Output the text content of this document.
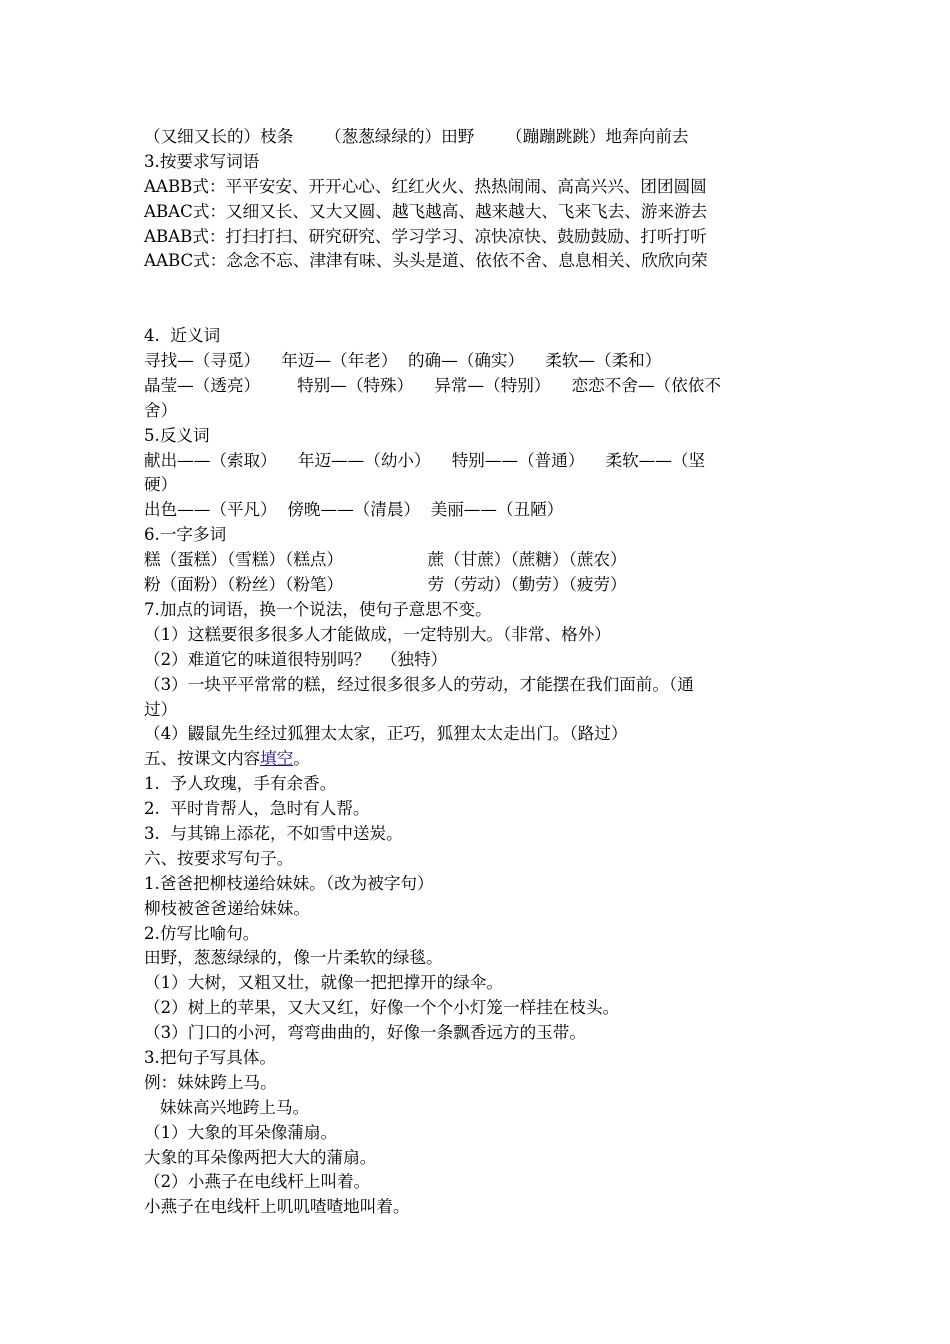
（又细又长的）枝条      （葱葱绿绿的）田野      （蹦蹦跳跳）地奔向前去
3.按要求写词语
AABB式：平平安安、开开心心、红红火火、热热闹闹、高高兴兴、团团圆圆
ABAC式：又细又长、又大又圆、越飞越高、越来越大、飞来飞去、游来游去
ABAB式：打扫打扫、研究研究、学习学习、凉快凉快、鼓励鼓励、打听打听
AABC式：念念不忘、津津有味、头头是道、依依不舍、息息相关、欣欣向荣
4.  近义词
寻找—（寻觅）    年迈—（年老）  的确—（确实）    柔软—（柔和）
晶莹—（透亮）       特别—（特殊）    异常—（特别）    恋恋不舍—（依依不
舍）
5.反义词
献出——（索取）    年迈——（幼小）    特别——（普通）    柔软——（坚
硬）
出色——（平凡）  傍晚——（清晨）  美丽——（丑陋）
6.一字多词
糕（蛋糕）（雪糕）（糕点）                蔗（甘蔗）（蔗糖）（蔗农）
粉（面粉）（粉丝）（粉笔）                劳（劳动）（勤劳）（疲劳）
7.加点的词语，换一个说法，使句子意思不变。
（1）这糕要很多很多人才能做成，一定特别大。（非常、格外）
（2）难道它的味道很特别吗？  （独特）
（3）一块平平常常的糕，经过很多很多人的劳动，才能摆在我们面前。（通
过）
（4）鼹鼠先生经过狐狸太太家，正巧，狐狸太太走出门。（路过）
五、按课文内容填空。
1.  予人玫瑰，手有余香。
2.  平时肯帮人，急时有人帮。
3.  与其锦上添花，不如雪中送炭。
六、按要求写句子。
1.爸爸把柳枝递给妹妹。（改为被字句）
柳枝被爸爸递给妹妹。
2.仿写比喻句。
田野，葱葱绿绿的，像一片柔软的绿毯。
（1）大树，又粗又壮，就像一把把撑开的绿伞。
（2）树上的苹果，又大又红，好像一个个小灯笼一样挂在枝头。
（3）门口的小河，弯弯曲曲的，好像一条飘香远方的玉带。
3.把句子写具体。
例：妹妹跨上马。
妹妹高兴地跨上马。
（1）大象的耳朵像蒲扇。
大象的耳朵像两把大大的蒲扇。
（2）小燕子在电线杆上叫着。
小燕子在电线杆上叽叽喳喳地叫着。
